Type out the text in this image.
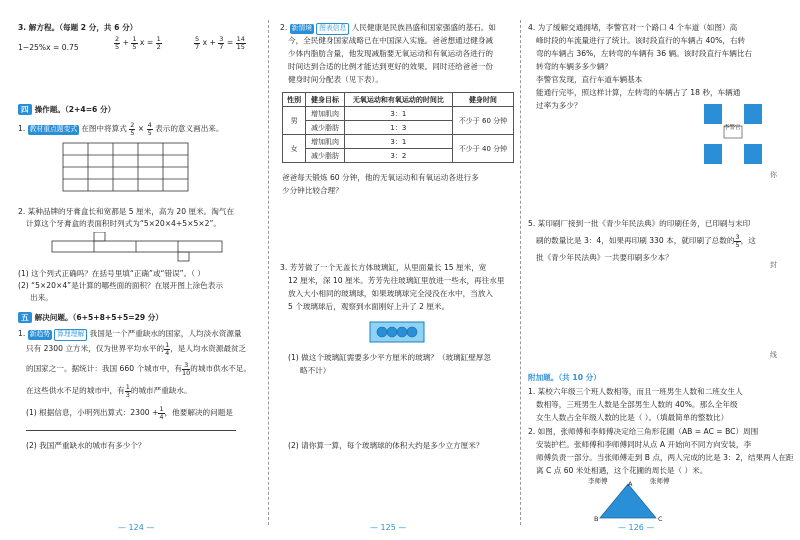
3. 解方程。（每题 2 分，共 6 分）
1−25%x = 0.75	$\frac{2}{5} + \frac{1}{5}$ $x = \frac{1}{2}$	$\frac{5}{7}$ $x + \frac{3}{7} = \frac{14}{15}$
四 操作题。（2+4=6 分）
1. 教材重点题变式 在图中将算式 $\frac{2}{5} \times \frac{4}{5}$ 表示的意义画出来。
2. 某种品牌的牙膏盒长和宽都是 5 厘米，高为 20 厘米。淘气在
计算这个牙膏盒的表面积时列式为“5×20×4+5×5×2”。
(1) 这个列式正确吗？在括号里填“正确”或“错误”。（ ）
(2) “5×20×4”是计算的哪些面的面积？在展开图上涂色表示
出来。
五 解决问题。（6+5+8+5+5=29 分）
1. 新趋势 算理理解 我国是一个严重缺水的国家，人均淡水资源量
只有 2300 立方米，仅为世界平均水平的 $\frac{1}{4}$ ，是人均水资源最贫乏
的国家之一。据统计：我国 660 个城市中，有 $\frac{3}{10}$ 的城市供水不足。
在这些供水不足的城市中，有 $\frac{1}{3}$ 的城市严重缺水。
(1) 根据信息，小明列出算式：$2300 + \frac{1}{4}$ ，他要解决的问题是
(2) 我国严重缺水的城市有多少个？
— 124 —
2. 新情境 图表信息 人民健康是民族昌盛和国家强盛的基石。如
今，全民健身国家战略已在中国深入实施。爸爸想通过健身减
少体内脂肪含量，他发现减脂要无氧运动和有氧运动各进行的
时间达到合适的比例才能达到更好的效果。同时还给爸爸一份
健身时间分配表（见下表）。
性别	健身目标	无氧运动和有氧运动的时间比	健身时间
男	增加肌肉	3：1	不少于 60 分钟
	减少脂肪	1：3	
女	增加肌肉	3：1	不少于 40 分钟
	减少脂肪	3：2	
爸爸每天锻炼 60 分钟，他的无氧运动和有氧运动各进行多
少分钟比较合理？
3. 芳芳做了一个无盖长方体玻璃缸，从里面量长 15 厘米，宽
12 厘米，深 10 厘米。芳芳先往玻璃缸里放进一些水，再往水里
放入大小相同的玻璃球，如果玻璃球完全浸没在水中，当放入
5 个玻璃球后，观察到水面刚好上升了 2 厘米。
(1) 做这个玻璃缸需要多少平方厘米的玻璃？（玻璃缸壁厚忽
略不计）
(2) 请你算一算，每个玻璃球的体积大约是多少立方厘米？
— 125 —
4. 为了缓解交通拥堵，李警官对一个路口 4 个车道（如图）高
峰时段的车流量进行了统计。该时段直行的车辆占 40%，右转
弯的车辆占 36%，左转弯的车辆有 36 辆。该时段直行车辆比右
转弯的车辆多多少辆？
李警官发现，直行车道车辆基本
能通行完毕，照这样计算，左转弯的车辆占了 18 秒，车辆通
过率为多少？
李警官
5. 某印刷厂接到一批《青少年民法典》的印刷任务，已印刷与未印
刷的数量比是 3：4，如果再印刷 330 本，就印刷了总数的 $\frac{3}{5}$ ，这
批《青少年民法典》一共要印刷多少本？
附加题。（共 10 分）
1. 某校六年级三个班人数相等，而且一班男生人数和二班女生人
数相等，三班男生人数是全部男生人数的 40%。那么全年级
女生人数占全年级人数的比是（ ）。（填最简单的整数比）
2. 如图，张师傅和李师傅决定给三角形花圃（AB = AC = BC）周围
安装护栏。张师傅和李师傅同时从点 A 开始向不同方向安装，李
师傅负责一部分。当张师傅走到 B 点，两人完成的比是 3：2，结果两人在距
离 C 点 60 米处相遇，这个花圃的周长是（ ）米。
李师傅	张师傅
A
B	C
— 126 —
你
封
线
